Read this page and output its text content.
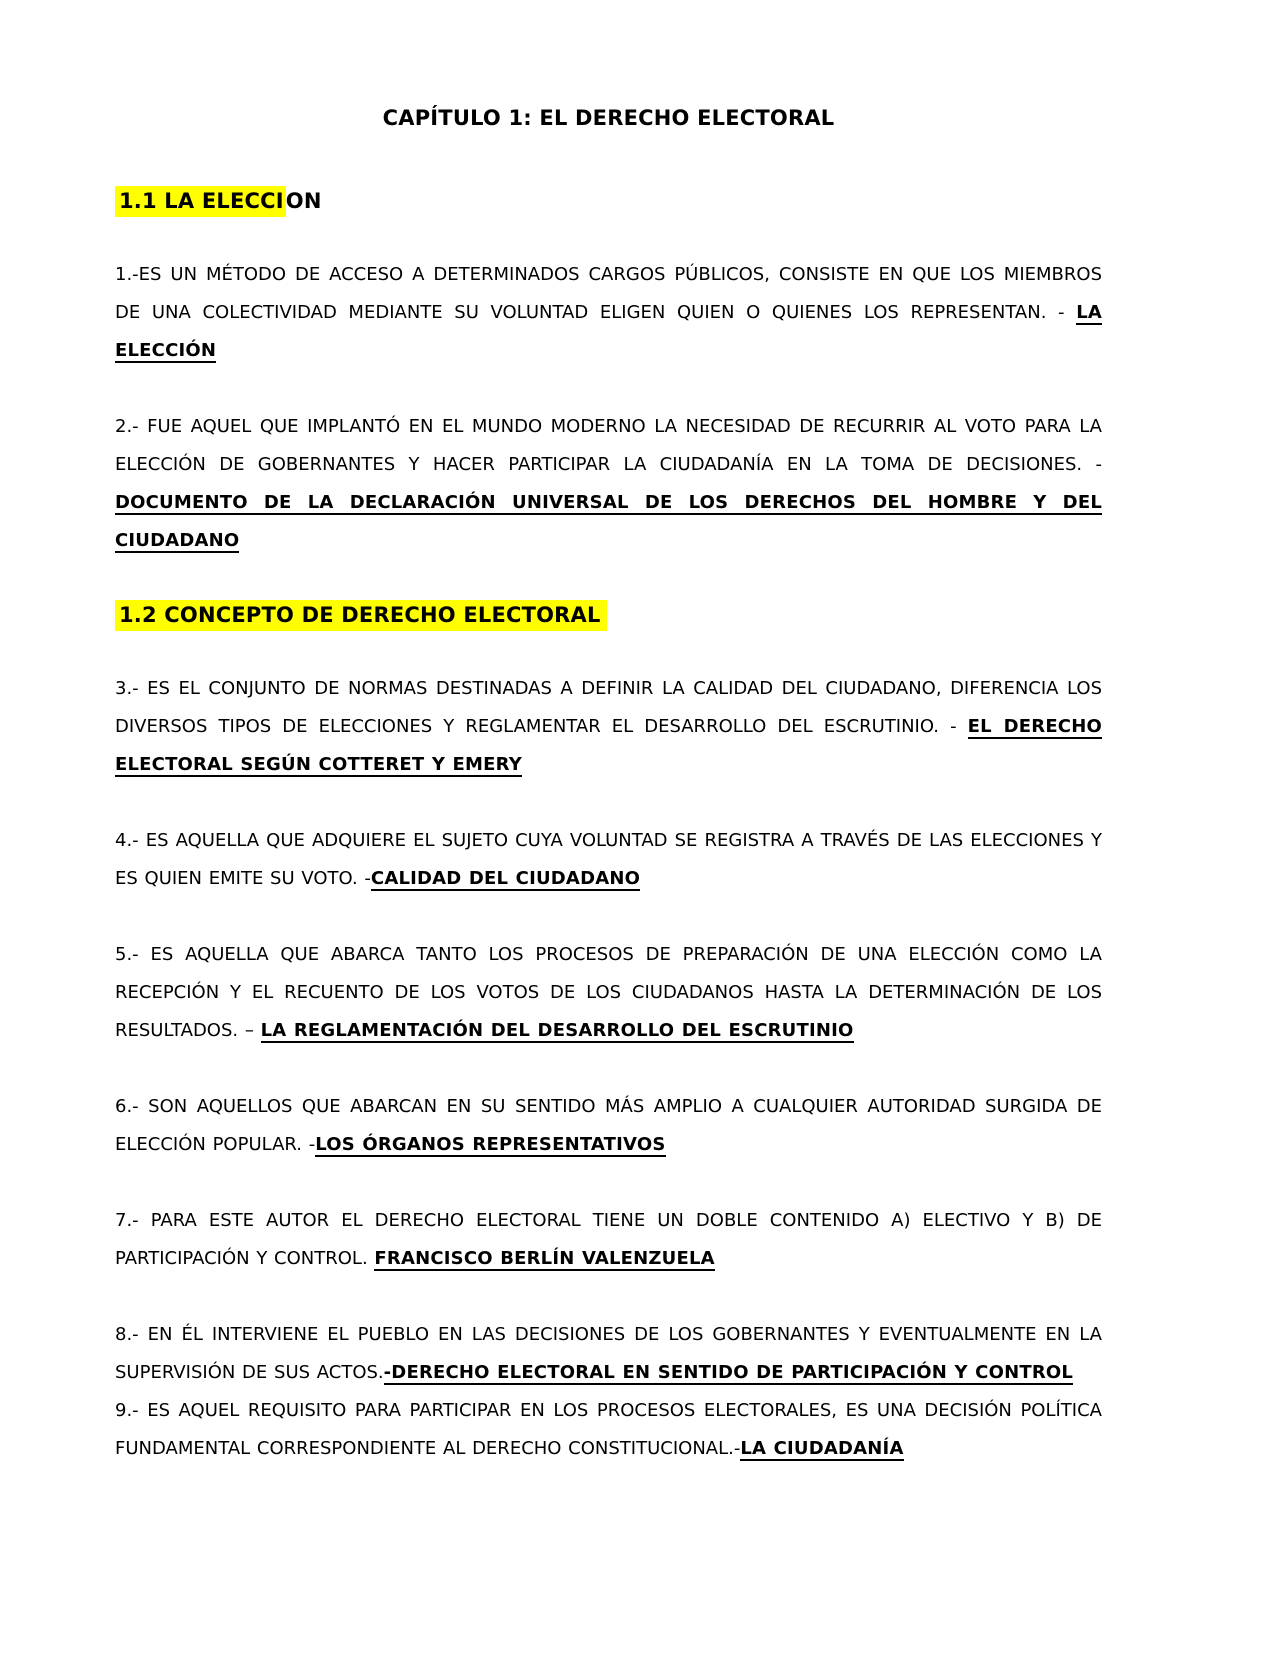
CAPÍTULO 1: EL DERECHO ELECTORAL
1.1 LA ELECCION

1.-ES UN MÉTODO DE ACCESO A DETERMINADOS CARGOS PÚBLICOS, CONSISTE EN QUE LOS MIEMBROS DE UNA COLECTIVIDAD MEDIANTE SU VOLUNTAD ELIGEN QUIEN O QUIENES LOS REPRESENTAN. - LA ELECCIÓN

2.- FUE AQUEL QUE IMPLANTÓ EN EL MUNDO MODERNO LA NECESIDAD DE RECURRIR AL VOTO PARA LA ELECCIÓN DE GOBERNANTES Y HACER PARTICIPAR LA CIUDADANÍA EN LA TOMA DE DECISIONES. -DOCUMENTO DE LA DECLARACIÓN UNIVERSAL DE LOS DERECHOS DEL HOMBRE Y DEL CIUDADANO

1.2 CONCEPTO DE DERECHO ELECTORAL

3.- ES EL CONJUNTO DE NORMAS DESTINADAS A DEFINIR LA CALIDAD DEL CIUDADANO, DIFERENCIA LOS DIVERSOS TIPOS DE ELECCIONES Y REGLAMENTAR EL DESARROLLO DEL ESCRUTINIO. - EL DERECHO ELECTORAL SEGÚN COTTERET Y EMERY

4.- ES AQUELLA QUE ADQUIERE EL SUJETO CUYA VOLUNTAD SE REGISTRA A TRAVÉS DE LAS ELECCIONES Y ES QUIEN EMITE SU VOTO. -CALIDAD DEL CIUDADANO

5.- ES AQUELLA QUE ABARCA TANTO LOS PROCESOS DE PREPARACIÓN DE UNA ELECCIÓN COMO LA RECEPCIÓN Y EL RECUENTO DE LOS VOTOS DE LOS CIUDADANOS HASTA LA DETERMINACIÓN DE LOS RESULTADOS. – LA REGLAMENTACIÓN DEL DESARROLLO DEL ESCRUTINIO

6.- SON AQUELLOS QUE ABARCAN EN SU SENTIDO MÁS AMPLIO A CUALQUIER AUTORIDAD SURGIDA DE ELECCIÓN POPULAR. -LOS ÓRGANOS REPRESENTATIVOS

7.- PARA ESTE AUTOR EL DERECHO ELECTORAL TIENE UN DOBLE CONTENIDO A) ELECTIVO Y B) DE PARTICIPACIÓN Y CONTROL. FRANCISCO BERLÍN VALENZUELA

8.- EN ÉL INTERVIENE EL PUEBLO EN LAS DECISIONES DE LOS GOBERNANTES Y EVENTUALMENTE EN LA SUPERVISIÓN DE SUS ACTOS.-DERECHO ELECTORAL EN SENTIDO DE PARTICIPACIÓN Y CONTROL

9.- ES AQUEL REQUISITO PARA PARTICIPAR EN LOS PROCESOS ELECTORALES, ES UNA DECISIÓN POLÍTICA FUNDAMENTAL CORRESPONDIENTE AL DERECHO CONSTITUCIONAL.-LA CIUDADANÍA
